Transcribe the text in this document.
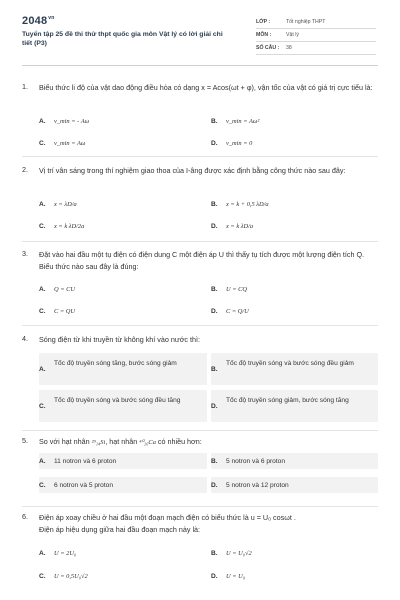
$2048^{vn}$
Tuyển tập 25 đề thi thử thpt quốc gia môn Vật lý có lời giải chi tiết (P3)
LỚP :	Tốt nghiệp THPT
MÔN :	Vật lý
SỐ CÂU :	38
1.	Biểu thức li độ của vật dao động điều hòa có dạng x = Acos(ωt + φ), vận tốc của vật có giá trị cực tiểu là:
A. v_min = - Aω	B. v_min = Aω²
C. v_min = Aω	D. v_min = 0
2.	Vị trí vân sáng trong thí nghiệm giao thoa của I-âng được xác định bằng công thức nào sau đây:
A. x = λD/a	B. x = k + 0,5 λD/a
C. x = k λD/2a	D. x = k λD/a
3.	Đặt vào hai đầu một tụ điện có điện dung C một điện áp U thì thấy tụ tích được một lượng điện tích Q. Biểu thức nào sau đây là đúng:
A. Q = CU	B. U = CQ
C. C = QU	D. C = Q/U
4.	Sóng điện từ khi truyền từ không khí vào nước thì:
A.
Tốc độ truyền sóng tăng, bước sóng giảm
B.
Tốc độ truyền sóng và bước sóng đều giảm
C.
Tốc độ truyền sóng và bước sóng đều tăng
D.
Tốc độ truyền sóng giảm, bước sóng tăng
5.	So với hạt nhân ²⁹₁₄Si, hạt nhân ⁴⁰₂₀Ca có nhiều hơn:
A. 11 notron và 6 proton	B. 5 notron và 6 proton
C. 6 notron và 5 proton	D. 5 notron và 12 proton
6.	Điện áp xoay chiều ở hai đầu một đoạn mạch điện có biểu thức là u = U₀ cosωt .
Điện áp hiệu dụng giữa hai đầu đoạn mạch này là:
A. U = 2U₀	B. U = U₀√2
C. U = 0,5U₀√2	D. U = U₀
